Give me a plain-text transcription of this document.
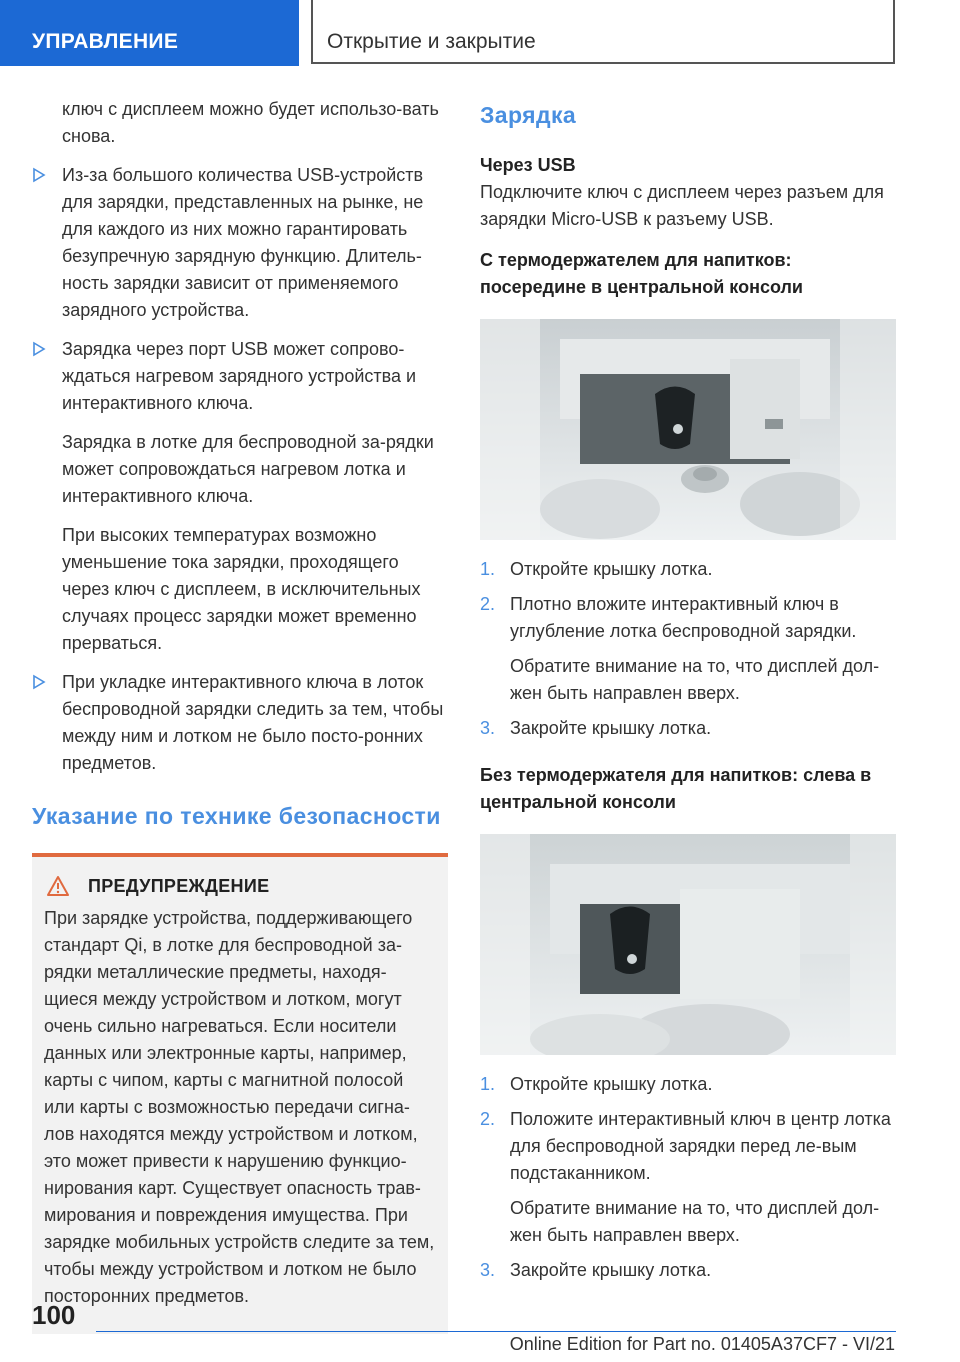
УПРАВЛЕНИЕ	Открытие и закрытие

ключ с дисплеем можно будет использо-вать снова.

Из-за большого количества USB-устройств для зарядки, представленных на рынке, не для каждого из них можно гарантировать безупречную зарядную функцию. Длитель-ность зарядки зависит от применяемого зарядного устройства.
Зарядка через порт USB может сопрово-ждаться нагревом зарядного устройства и интерактивного ключа.

Зарядка в лотке для беспроводной за-рядки может сопровождаться нагревом лотка и интерактивного ключа.

При высоких температурах возможно уменьшение тока зарядки, проходящего через ключ с дисплеем, в исключительных случаях процесс зарядки может временно прерваться.

При укладке интерактивного ключа в лоток беспроводной зарядки следить за тем, чтобы между ним и лотком не было посто-ронних предметов.
Указание по технике безопасности
ПРЕДУПРЕЖДЕНИЕ

При зарядке устройства, поддерживающего стандарт Qi, в лотке для беспроводной за-рядки металлические предметы, находя-щиеся между устройством и лотком, могут очень сильно нагреваться. Если носители данных или электронные карты, например, карты с чипом, карты с магнитной полосой или карты с возможностью передачи сигна-лов находятся между устройством и лотком, это может привести к нарушению функцио-нирования карт. Существует опасность трав-мирования и повреждения имущества. При зарядке мобильных устройств следите за тем, чтобы между устройством и лотком не было посторонних предметов.

Зарядка
Через USB

Подключите ключ с дисплеем через разъем для зарядки Micro-USB к разъему USB.

С термодержателем для напитков: посередине в центральной консоли
1. Откройте крышку лотка.
2. Плотно вложите интерактивный ключ в углубление лотка беспроводной зарядки.

Обратите внимание на то, что дисплей дол-жен быть направлен вверх.

3. Закройте крышку лотка.
Без термодержателя для напитков: слева в центральной консоли
1. Откройте крышку лотка.
2. Положите интерактивный ключ в центр лотка для беспроводной зарядки перед ле-вым подстаканником.

Обратите внимание на то, что дисплей дол-жен быть направлен вверх.

3. Закройте крышку лотка.
100
Online Edition for Part no. 01405A37CF7 - VI/21
